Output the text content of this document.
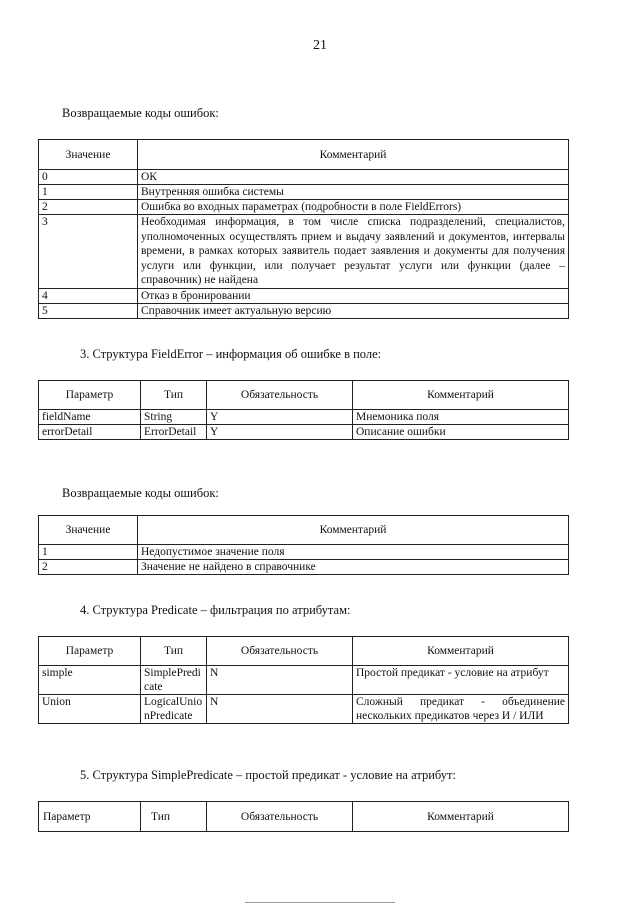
21
Возвращаемые коды ошибок:
Значение	Комментарий
0	ОК
1	Внутренняя ошибка системы
2	Ошибка во входных параметрах (подробности в поле FieldErrors)
3	Необходимая информация, в том числе списка подразделений, специалистов, уполномоченных осуществлять прием и выдачу заявлений и документов, интервалы времени, в рамках которых заявитель подает заявления и документы для получения услуги или функции, или получает результат услуги или функции (далее – справочник) не найдена
4	Отказ в бронировании
5	Справочник имеет актуальную версию
3. Структура FieldError – информация об ошибке в поле:
Параметр	Тип	Обязательность	Комментарий
fieldName	String	Y	Мнемоника поля
errorDetail	ErrorDetail	Y	Описание ошибки
Возвращаемые коды ошибок:
Значение	Комментарий
1	Недопустимое значение поля
2	Значение не найдено в справочнике
4. Структура Predicate – фильтрация по атрибутам:
Параметр	Тип	Обязательность	Комментарий
simple	SimplePredicate	N	Простой предикат - условие на атрибут
Union	LogicalUnionPredicate	N	Сложный предикат - объединение нескольких предикатов через И / ИЛИ
5. Структура SimplePredicate – простой предикат - условие на атрибут:
Параметр	Тип	Обязательность	Комментарий
